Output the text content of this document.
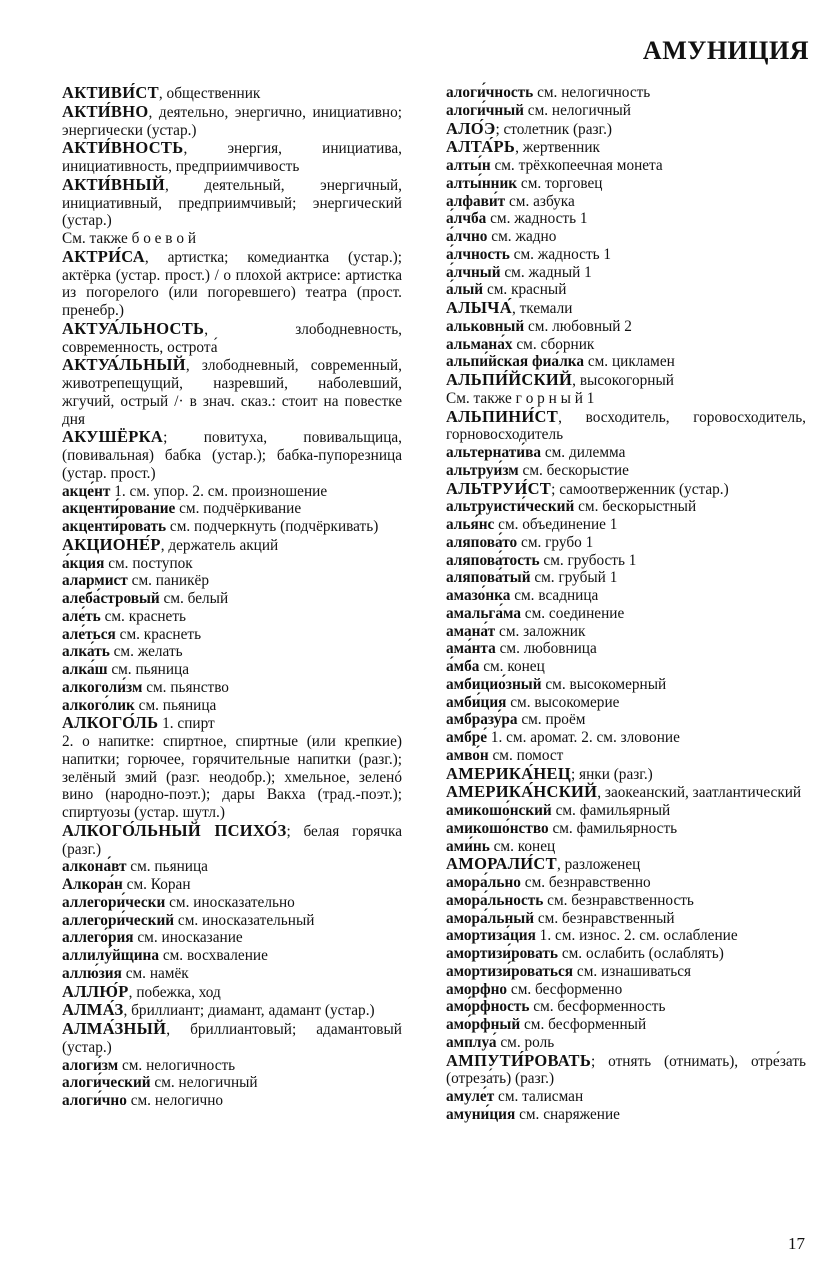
АМУНИЦИЯ

АКТИВИ́СТ, общественник

АКТИ́ВНО, деятельно, энергично, инициативно; энергически (устар.)

АКТИ́ВНОСТЬ, энергия, инициатива, инициативность, предприимчивость

АКТИ́ВНЫЙ, деятельный, энергичный, инициативный, предприимчивый; энергический (устар.)

См. также б о е в о й

АКТРИ́СА, артистка; комедиантка (устар.); актёрка (устар. прост.) / о плохой актрисе: артистка из погорелого (или погоревшего) театра (прост. пренебр.)

АКТУА́ЛЬНОСТЬ, злободневность, современность, острота́

АКТУА́ЛЬНЫЙ, злободневный, современный, животрепещущий, назревший, наболевший, жгучий, острый /· в знач. сказ.: стоит на повестке дня

АКУШЁРКА; повитуха, повивальщица, (повивальная) бабка (устар.); бабка-пупорезница (устар. прост.)

акце́нт 1. см. упор. 2. см. произношение

акценти́рование см. подчёркивание

акценти́ровать см. подчеркнуть (подчёркивать)

АКЦИОНЕ́Р, держатель акций

а́кция см. поступок

алармист см. паникёр

алеба́стровый см. белый

але́ть см. краснеть

але́ться см. краснеть

алка́ть см. желать

алка́ш см. пьяница

алкоголи́зм см. пьянство

алкого́лик см. пьяница

АЛКОГО́ЛЬ 1. спирт

2. о напитке: спиртное, спиртные (или крепкие) напитки; горючее, горячительные напитки (разг.); зелёный змий (разг. неодобр.); хмельное, зеленó вино (народно-поэт.); дары Вакха (трад.-поэт.); спиртуозы (устар. шутл.)

АЛКОГО́ЛЬНЫЙ ПСИХО́З; белая горячка (разг.)

алкона́вт см. пьяница

Алкора́н см. Коран

аллегори́чески см. иносказательно

аллегори́ческий см. иносказательный

аллего́рия см. иносказание

аллилу́йщина см. восхваление

аллю́зия см. намёк

АЛЛЮ́Р, побежка, ход

АЛМА́З, бриллиант; диамант, адамант (устар.)

АЛМА́ЗНЫЙ, бриллиантовый; адамантовый (устар.)

алоги́зм см. нелогичность

алоги́ческий см. нелогичный

алоги́чно см. нелогично

алоги́чность см. нелогичность

алоги́чный см. нелогичный

АЛО́Э; столетник (разг.)

АЛТА́РЬ, жертвенник

алты́н см. трёхкопеечная монета

алты́нник см. торговец

алфави́т см. азбука

а́лчба см. жадность 1

а́лчно см. жадно

а́лчность см. жадность 1

а́лчный см. жадный 1

а́лый см. красный

АЛЫЧА́, ткемали

альковный см. любовный 2

альмана́х см. сборник

альпи́йская фиа́лка см. цикламен

АЛЬПИ́ЙСКИЙ, высокогорный

См. также г о р н ы й 1

АЛЬПИНИ́СТ, восходитель, горовосходитель, горновосходитель

альтернати́ва см. дилемма

альтруи́зм см. бескорыстие

АЛЬТРУИ́СТ; самоотверженник (устар.)

альтруисти́ческий см. бескорыстный

алья́нс см. объединение 1

аляпова́то см. грубо 1

аляпова́тость см. грубость 1

аляпова́тый см. грубый 1

амазо́нка см. всадница

амальга́ма см. соединение

амана́т см. заложник

ама́нта см. любовница

а́мба см. конец

амбицио́зный см. высокомерный

амби́ция см. высокомерие

амбразу́ра см. проём

амбре́ 1. см. аромат. 2. см. зловоние

амво́н см. помост

АМЕРИКА́НЕЦ; янки (разг.)

АМЕРИКА́НСКИЙ, заокеанский, заатлантический

амикошо́нский см. фамильярный

амикошо́нство см. фамильярность

ами́нь см. конец

АМОРАЛИ́СТ, разложенец

амора́льно см. безнравственно

амора́льность см. безнравственность

амора́льный см. безнравственный

амортиза́ция 1. см. износ. 2. см. ослабление

амортизи́ровать см. ослабить (ослаблять)

амортизи́роваться см. изнашиваться

аморфно см. бесформенно

амо́рфность см. бесформенность

амо́рфный см. бесформенный

амплуа́ см. роль

АМПУТИ́РОВАТЬ; отнять (отнимать), отре́зать (отреза́ть) (разг.)

амуле́т см. талисман

амуни́ция см. снаряжение

17
